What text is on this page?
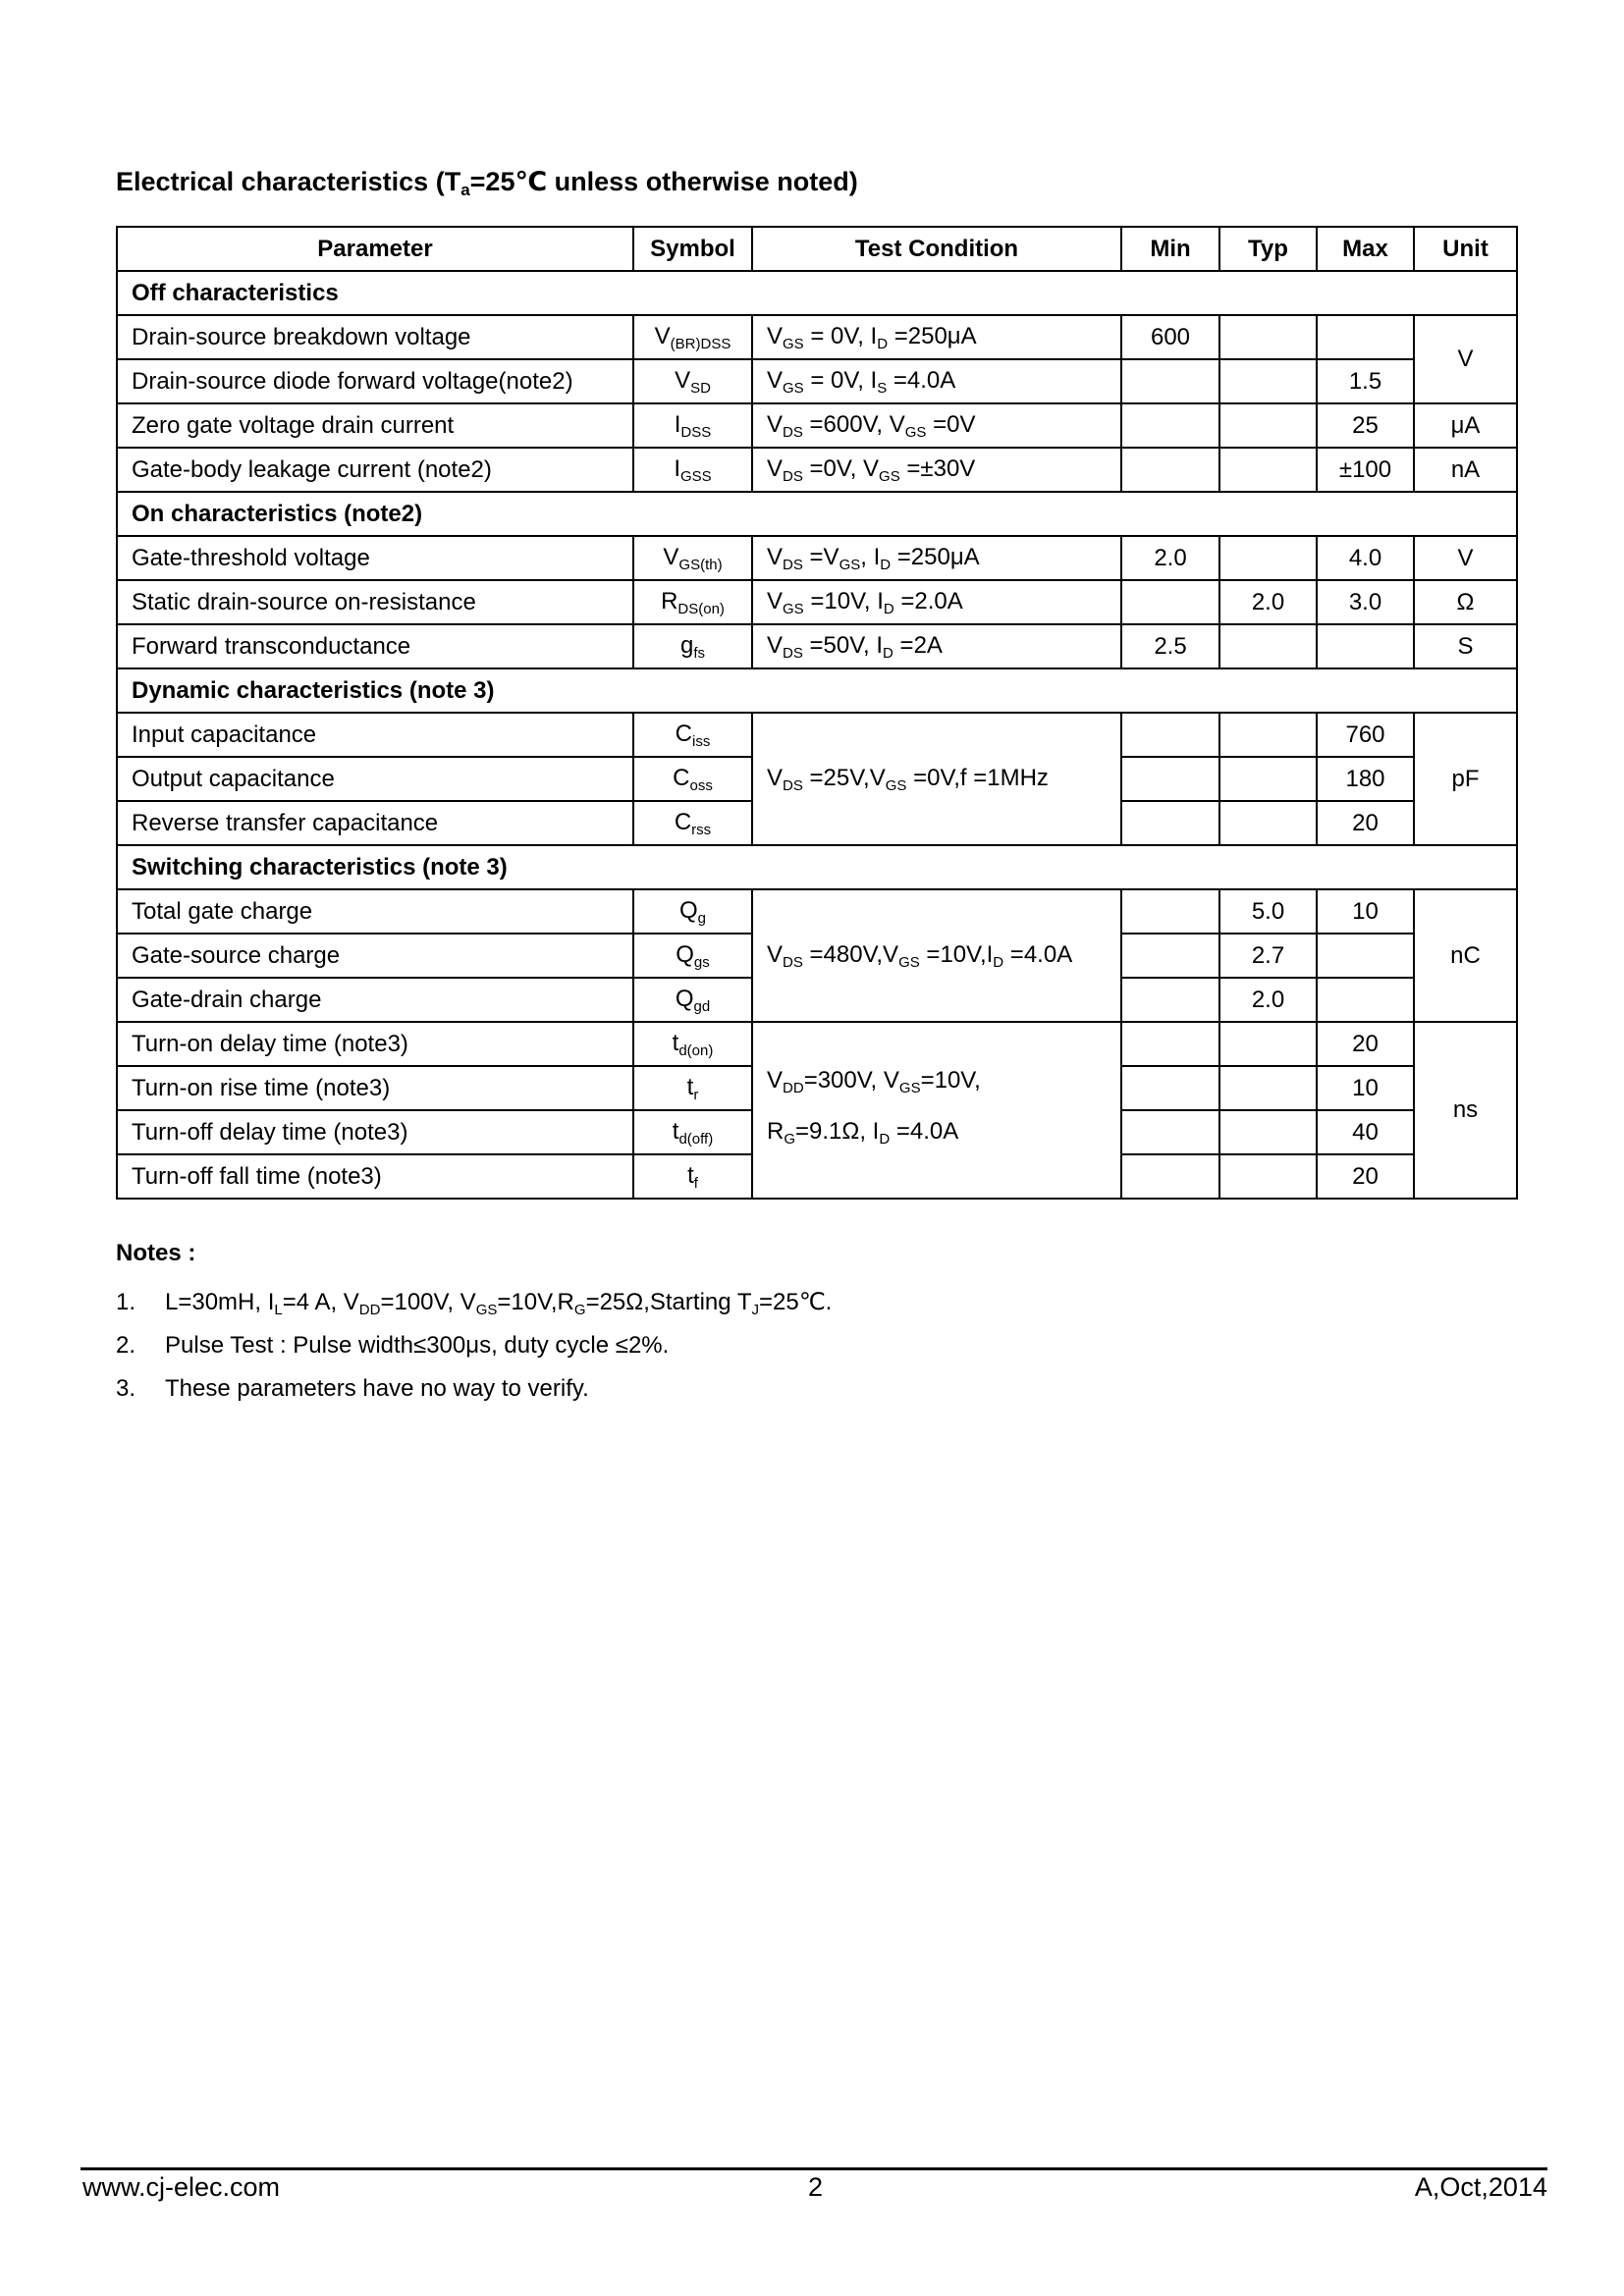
Electrical characteristics ($T_a=25℃$ unless otherwise noted)
Parameter	Symbol	Test Condition	Min	Typ	Max	Unit
Off characteristics						
Drain-source breakdown voltage	$V_{(BR)DSS}$	$V_{GS} = 0V$, $I_D =250\mu A$	600			V
Drain-source diode forward voltage(note2)	$V_{SD}$	$V_{GS} = 0V$, $I_S =4.0A$			1.5	
Zero gate voltage drain current	$I_{DSS}$	$V_{DS} =600V$, $V_{GS} =0V$			25	μA
Gate-body leakage current (note2)	$I_{GSS}$	$V_{DS} =0V$, $V_{GS} =\pm 30V$			±100	nA
On characteristics (note2)						
Gate-threshold voltage	$V_{GS(th)}$	$V_{DS} =V_{GS}$, $I_D =250\mu A$	2.0		4.0	V
Static drain-source on-resistance	$R_{DS(on)}$	$V_{GS} =10V$, $I_D =2.0A$		2.0	3.0	Ω
Forward transconductance	$g_{fs}$	$V_{DS} =50V$, $I_D =2A$	2.5			S
Dynamic characteristics (note 3)						
Input capacitance	$C_{iss}$	$V_{DS} =25V,V_{GS} =0V,f =1MHz$			760	pF
Output capacitance	$C_{oss}$				180	
Reverse transfer capacitance	$C_{rss}$				20	
Switching characteristics (note 3)						
Total gate charge	$Q_g$	$V_{DS} =480V,V_{GS} =10V,I_D =4.0A$		5.0	10	nC
Gate-source charge	$Q_{gs}$			2.7		
Gate-drain charge	$Q_{gd}$			2.0		
Turn-on delay time (note3)	$t_{d(on)}$	$V_{DD}=300V$, $V_{GS}=10V$,
$R_G=9.1\Omega$, $I_D =4.0A$			20	ns
Turn-on rise time (note3)	$t_r$				10	
Turn-off delay time (note3)	$t_{d(off)}$				40	
Turn-off fall time (note3)	$t_f$				20	
Notes :
1.	L=30mH, $I_L=4$ A, $V_{DD}=100V$, $V_{GS}=10V,R_G=25\Omega,Starting$ $T_J=25℃$.
2.	Pulse Test : Pulse width≤300μs, duty cycle ≤2%.
3.	These parameters have no way to verify.
www.cj-elec.com	2	A,Oct,2014
